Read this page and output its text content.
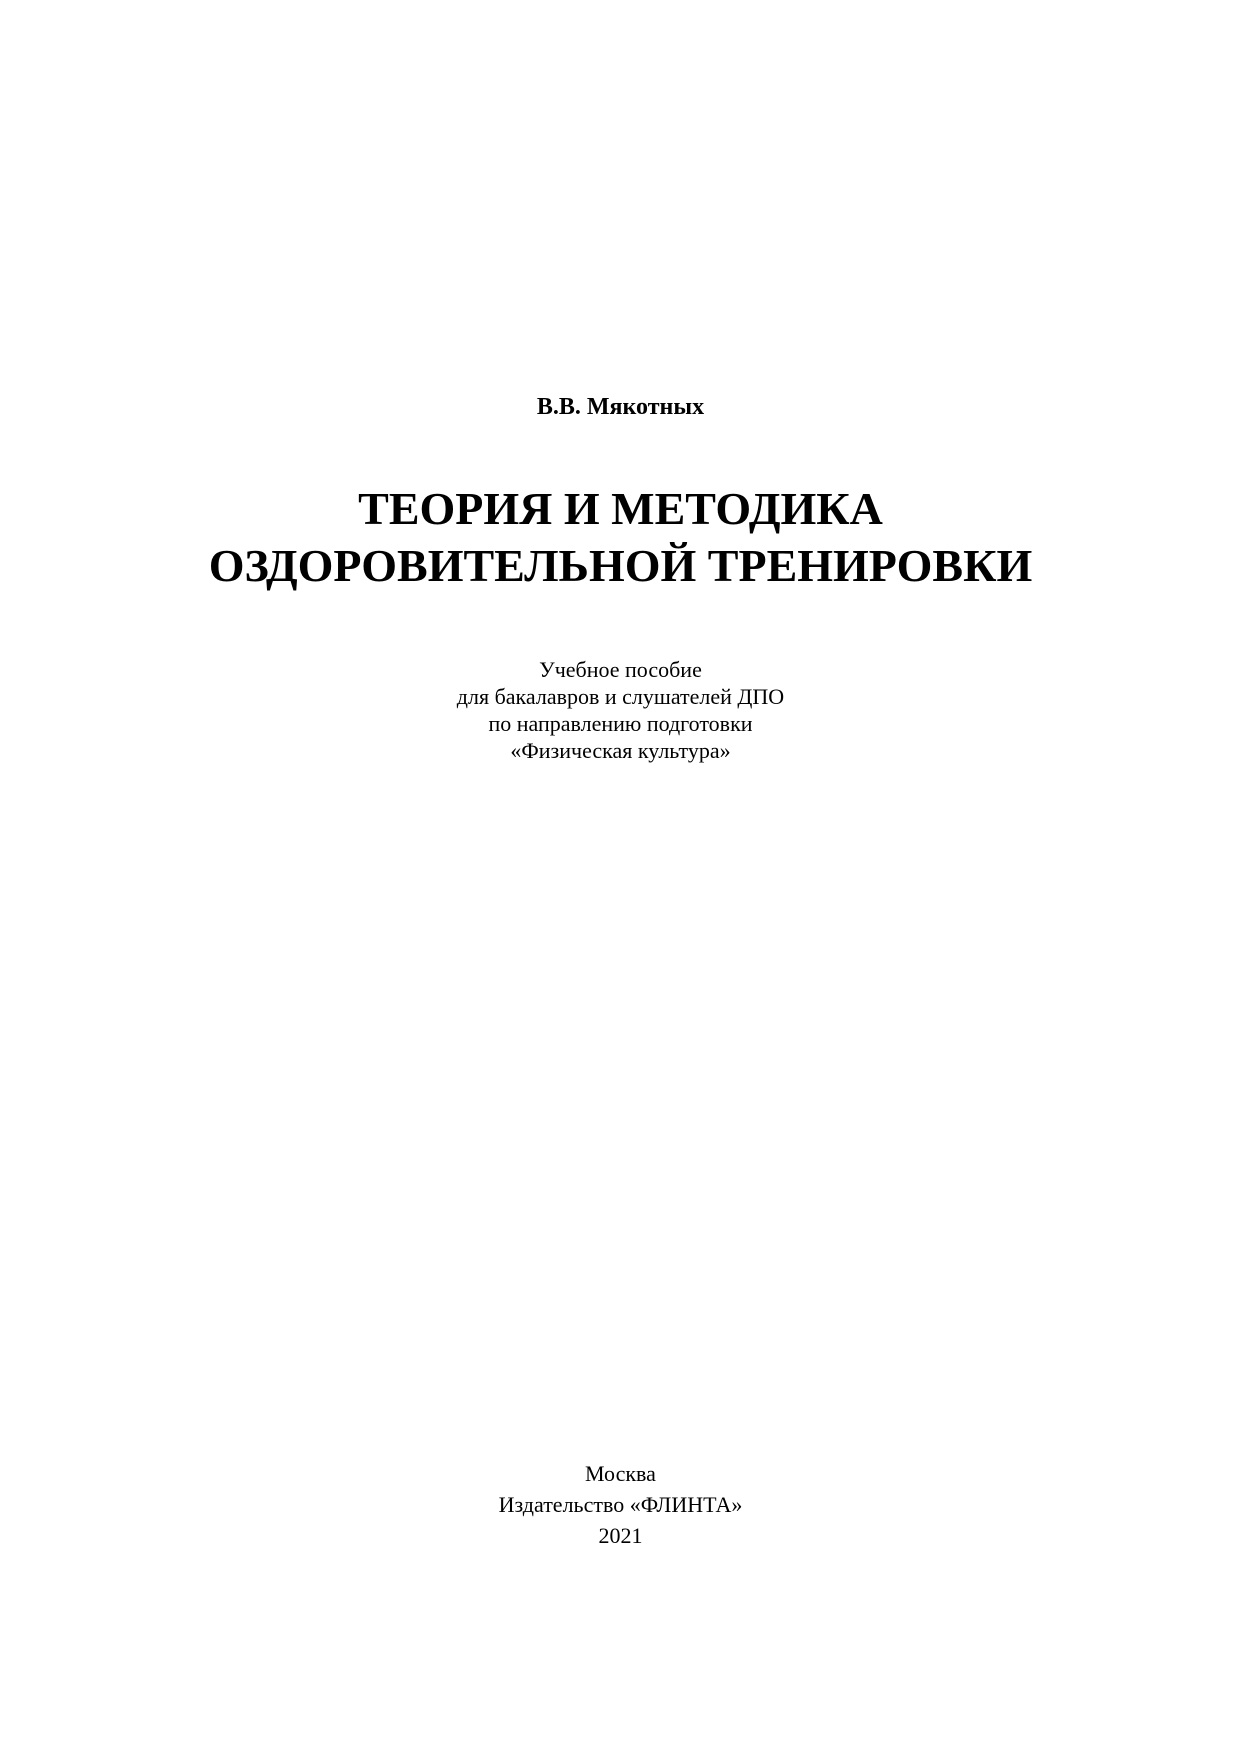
В.В. Мякотных
ТЕОРИЯ И МЕТОДИКА
ОЗДОРОВИТЕЛЬНОЙ ТРЕНИРОВКИ
Учебное пособие
для бакалавров и слушателей ДПО
по направлению подготовки
«Физическая культура»
Москва
Издательство «ФЛИНТА»
2021
